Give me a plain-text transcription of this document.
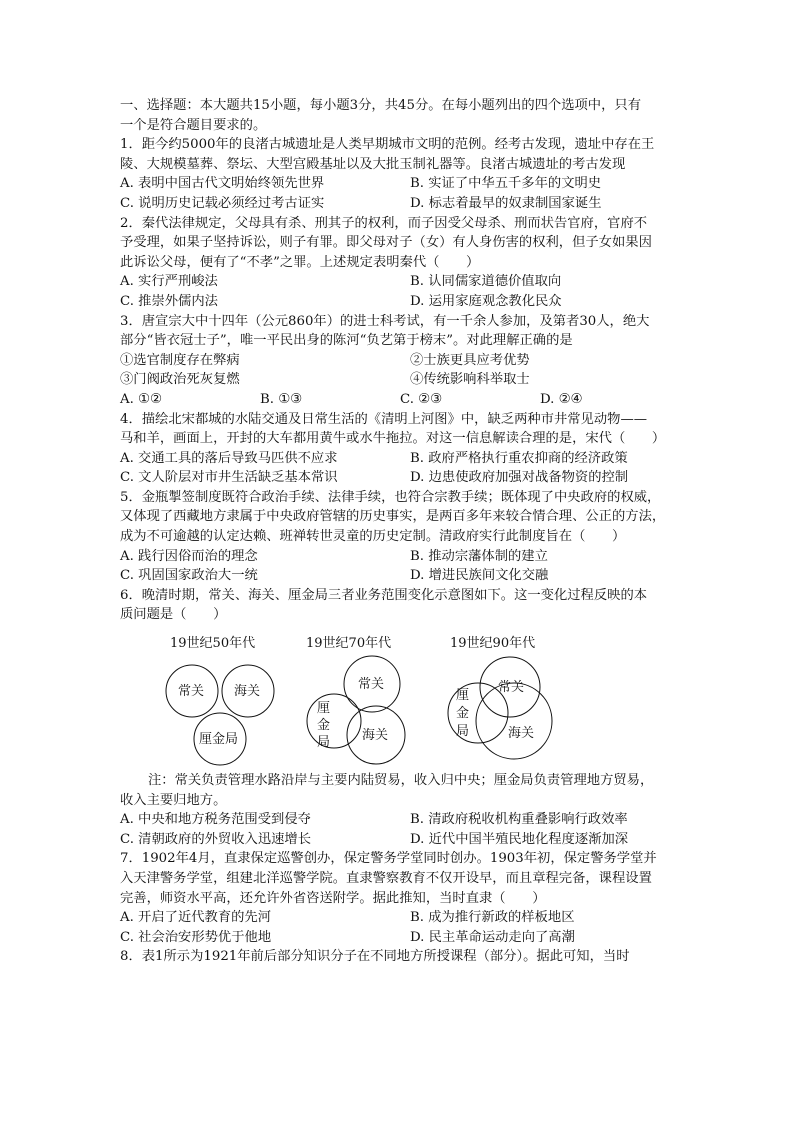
一、选择题：本大题共15小题，每小题3分，共45分。在每小题列出的四个选项中，只有
一个是符合题目要求的。
1．距今约5000年的良渚古城遗址是人类早期城市文明的范例。经考古发现，遗址中存在王
陵、大规模墓葬、祭坛、大型宫殿基址以及大批玉制礼器等。良渚古城遗址的考古发现
A. 表明中国古代文明始终领先世界	B. 实证了中华五千多年的文明史
C. 说明历史记载必须经过考古证实	D. 标志着最早的奴隶制国家诞生
2．秦代法律规定，父母具有杀、刑其子的权利，而子因受父母杀、刑而状告官府，官府不
予受理，如果子坚持诉讼，则子有罪。即父母对子（女）有人身伤害的权利，但子女如果因
此诉讼父母，便有了“不孝”之罪。上述规定表明秦代（　　）
A. 实行严刑峻法	B. 认同儒家道德价值取向
C. 推崇外儒内法	D. 运用家庭观念教化民众
3．唐宣宗大中十四年（公元860年）的进士科考试，有一千余人参加，及第者30人，绝大
部分“皆衣冠士子”，唯一平民出身的陈河“负艺第于榜末”。对此理解正确的是
①选官制度存在弊病	②士族更具应考优势
③门阀政治死灰复燃	④传统影响科举取士
A. ①②	B. ①③	C. ②③	D. ②④
4．描绘北宋都城的水陆交通及日常生活的《清明上河图》中，缺乏两种市井常见动物——
马和羊，画面上，开封的大车都用黄牛或水牛拖拉。对这一信息解读合理的是，宋代（　　）
A. 交通工具的落后导致马匹供不应求	B. 政府严格执行重农抑商的经济政策
C. 文人阶层对市井生活缺乏基本常识	D. 边患使政府加强对战备物资的控制
5．金瓶掣签制度既符合政治手续、法律手续，也符合宗教手续；既体现了中央政府的权威，
又体现了西藏地方隶属于中央政府管辖的历史事实，是两百多年来较合情合理、公正的方法，
成为不可逾越的认定达赖、班禅转世灵童的历史定制。清政府实行此制度旨在（　　）
A. 践行因俗而治的理念	B. 推动宗藩体制的建立
C. 巩固国家政治大一统	D. 增进民族间文化交融
6．晚清时期，常关、海关、厘金局三者业务范围变化示意图如下。这一变化过程反映的本
质问题是（　　）
19世纪50年代
常关 海关
厘金局
19世纪70年代
常关
厘
金
局 海关
19世纪90年代
常关
厘
金
局	海关
注：常关负责管理水路沿岸与主要内陆贸易，收入归中央；厘金局负责管理地方贸易，
收入主要归地方。
A. 中央和地方税务范围受到侵夺	B. 清政府税收机构重叠影响行政效率
C. 清朝政府的外贸收入迅速增长	D. 近代中国半殖民地化程度逐渐加深
7．1902年4月，直隶保定巡警创办，保定警务学堂同时创办。1903年初，保定警务学堂并
入天津警务学堂，组建北洋巡警学院。直隶警察教育不仅开设早，而且章程完备，课程设置
完善，师资水平高，还允许外省咨送附学。据此推知，当时直隶（　　）
A. 开启了近代教育的先河	B. 成为推行新政的样板地区
C. 社会治安形势优于他地	D. 民主革命运动走向了高潮
8．表1所示为1921年前后部分知识分子在不同地方所授课程（部分）。据此可知，当时
